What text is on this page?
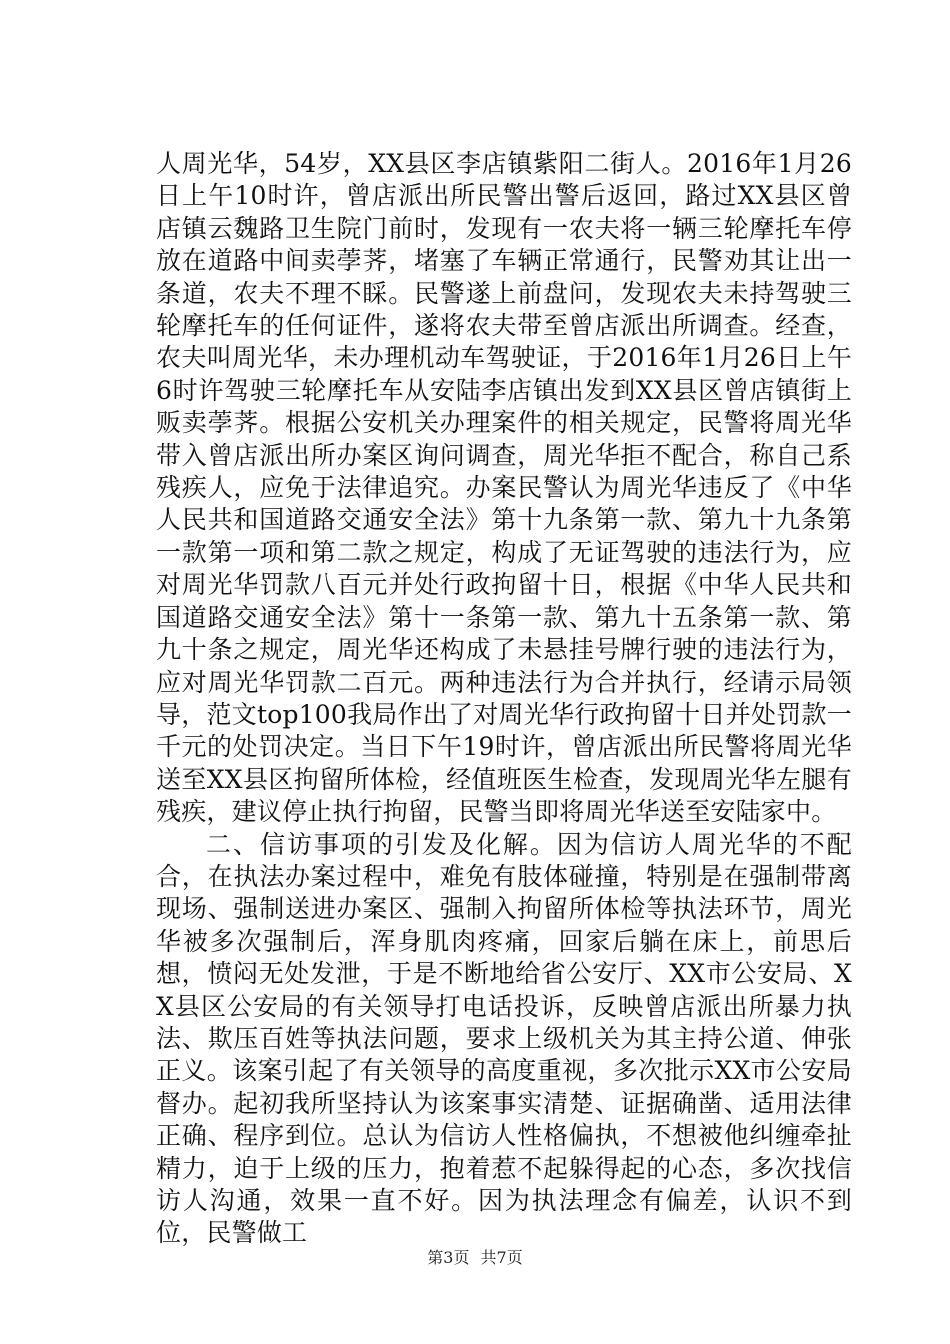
人周光华，54岁，XX县区李店镇紫阳二街人。2016年1月26日上午10时许，曾店派出所民警出警后返回，路过XX县区曾店镇云魏路卫生院门前时，发现有一农夫将一辆三轮摩托车停放在道路中间卖荸荠，堵塞了车辆正常通行，民警劝其让出一条道，农夫不理不睬。民警遂上前盘问，发现农夫未持驾驶三轮摩托车的任何证件，遂将农夫带至曾店派出所调查。经查，农夫叫周光华，未办理机动车驾驶证，于2016年1月26日上午6时许驾驶三轮摩托车从安陆李店镇出发到XX县区曾店镇街上贩卖荸荠。根据公安机关办理案件的相关规定，民警将周光华带入曾店派出所办案区询问调查，周光华拒不配合，称自己系残疾人，应免于法律追究。办案民警认为周光华违反了《中华人民共和国道路交通安全法》第十九条第一款、第九十九条第一款第一项和第二款之规定，构成了无证驾驶的违法行为，应对周光华罚款八百元并处行政拘留十日，根据《中华人民共和国道路交通安全法》第十一条第一款、第九十五条第一款、第九十条之规定，周光华还构成了未悬挂号牌行驶的违法行为，应对周光华罚款二百元。两种违法行为合并执行，经请示局领导，范文top100我局作出了对周光华行政拘留十日并处罚款一千元的处罚决定。当日下午19时许，曾店派出所民警将周光华送至XX县区拘留所体检，经值班医生检查，发现周光华左腿有残疾，建议停止执行拘留，民警当即将周光华送至安陆家中。

二、信访事项的引发及化解。因为信访人周光华的不配合，在执法办案过程中，难免有肢体碰撞，特别是在强制带离现场、强制送进办案区、强制入拘留所体检等执法环节，周光华被多次强制后，浑身肌肉疼痛，回家后躺在床上，前思后想，愤闷无处发泄，于是不断地给省公安厅、XX市公安局、XX县区公安局的有关领导打电话投诉，反映曾店派出所暴力执法、欺压百姓等执法问题，要求上级机关为其主持公道、伸张正义。该案引起了有关领导的高度重视，多次批示XX市公安局督办。起初我所坚持认为该案事实清楚、证据确凿、适用法律正确、程序到位。总认为信访人性格偏执，不想被他纠缠牵扯精力，迫于上级的压力，抱着惹不起躲得起的心态，多次找信访人沟通，效果一直不好。因为执法理念有偏差，认识不到位，民警做工

第3页 共7页
